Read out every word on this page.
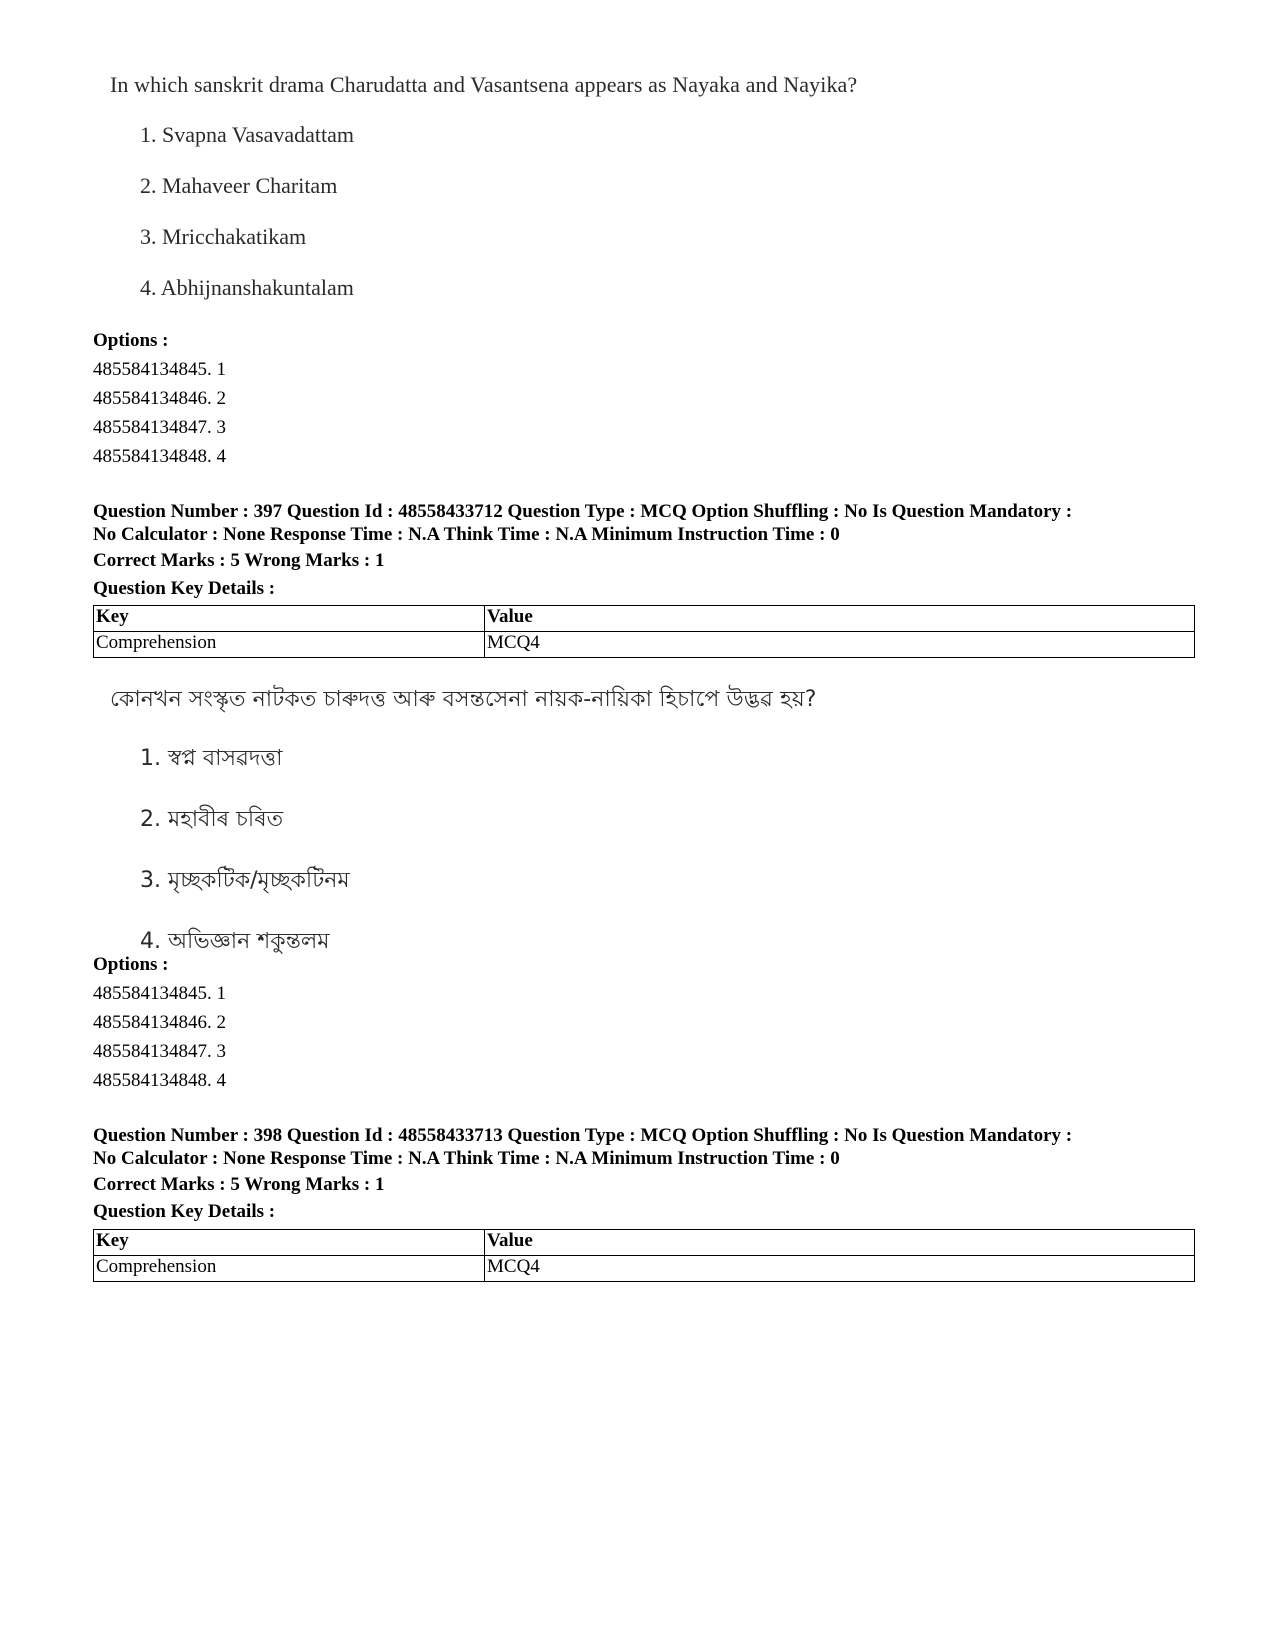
In which sanskrit drama Charudatta and Vasantsena appears as Nayaka and Nayika?
1. Svapna Vasavadattam
2. Mahaveer Charitam
3. Mricchakatikam
4. Abhijnanshakuntalam
Options :
485584134845. 1
485584134846. 2
485584134847. 3
485584134848. 4
Question Number : 397 Question Id : 48558433712 Question Type : MCQ Option Shuffling : No Is Question Mandatory :
No Calculator : None Response Time : N.A Think Time : N.A Minimum Instruction Time : 0
Correct Marks : 5 Wrong Marks : 1
Question Key Details :
Key	Value
Comprehension	MCQ4
কোনখন সংস্কৃত নাটকত চাৰুদত্ত আৰু বসন্তসেনা নায়ক-নায়িকা হিচাপে উদ্ভৱ হয়?
1. স্বপ্ন বাসৱদত্তা
2. মহাবীৰ চৰিত
3. মৃচ্ছকটিক/মৃচ্ছকটিনম
4. অভিজ্ঞান শকুন্তলম
Options :
485584134845. 1
485584134846. 2
485584134847. 3
485584134848. 4
Question Number : 398 Question Id : 48558433713 Question Type : MCQ Option Shuffling : No Is Question Mandatory :
No Calculator : None Response Time : N.A Think Time : N.A Minimum Instruction Time : 0
Correct Marks : 5 Wrong Marks : 1
Question Key Details :
Key	Value
Comprehension	MCQ4
